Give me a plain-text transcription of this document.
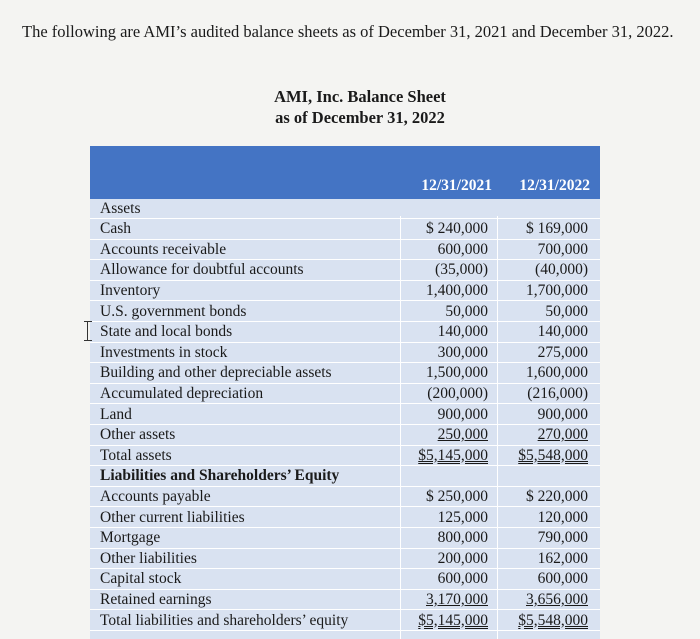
The following are AMI’s audited balance sheets as of December 31, 2021 and December 31, 2022.
AMI, Inc. Balance Sheet
as of December 31, 2022
12/31/2021	12/31/2022
Assets
Cash	$ 240,000 $ 169,000
Accounts receivable	600,000	700,000
Allowance for doubtful accounts	(35,000)	(40,000)
Inventory	1,400,000 1,700,000
U.S. government bonds	50,000	50,000
State and local bonds	140,000	140,000
Investments in stock	300,000	275,000
Building and other depreciable assets	1,500,000 1,600,000
Accumulated depreciation	(200,000)	(216,000)
Land	900,000	900,000
Other assets	250,000	270,000
Total assets	$5,145,000 $5,548,000
Liabilities and Shareholders’ Equity
Accounts payable	$ 250,000 $ 220,000
Other current liabilities	125,000	120,000
Mortgage	800,000	790,000
Other liabilities	200,000	162,000
Capital stock	600,000	600,000
Retained earnings	3,170,000 3,656,000
Total liabilities and shareholders’ equity	$5,145,000 $5,548,000
